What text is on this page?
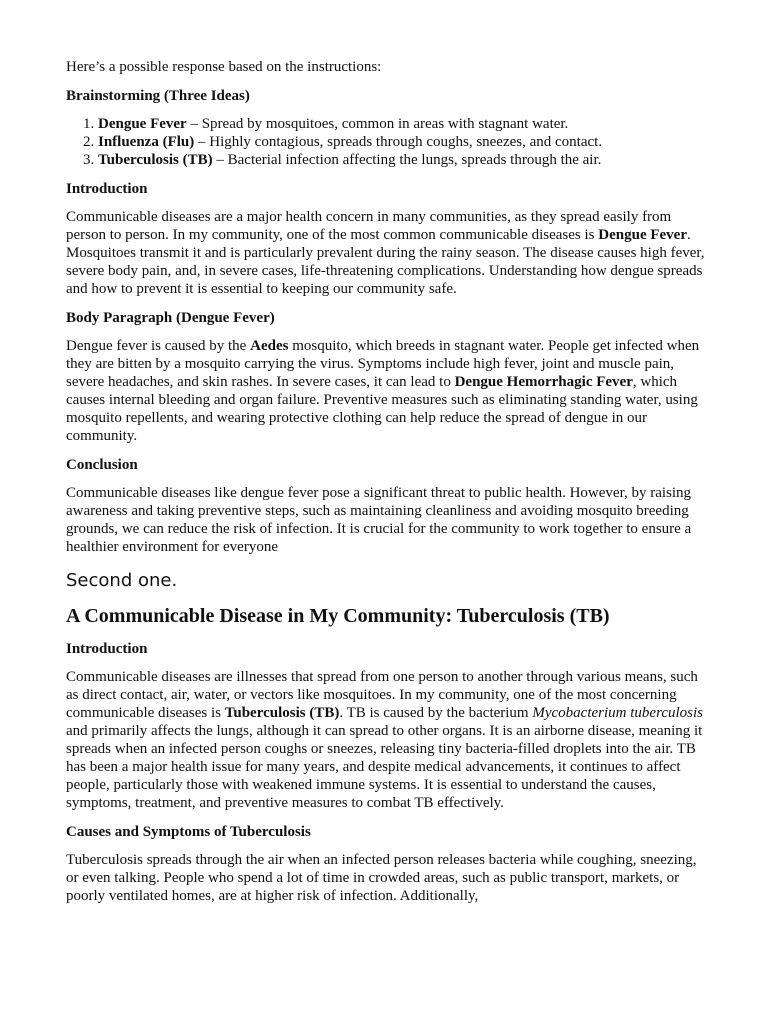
Here’s a possible response based on the instructions:

Brainstorming (Three Ideas)

1. Dengue Fever – Spread by mosquitoes, common in areas with stagnant water.
2. Influenza (Flu) – Highly contagious, spreads through coughs, sneezes, and contact.
3. Tuberculosis (TB) – Bacterial infection affecting the lungs, spreads through the air.

Introduction

Communicable diseases are a major health concern in many communities, as they spread easily from person to person. In my community, one of the most common communicable diseases is Dengue Fever. Mosquitoes transmit it and is particularly prevalent during the rainy season. The disease causes high fever, severe body pain, and, in severe cases, life-threatening complications. Understanding how dengue spreads and how to prevent it is essential to keeping our community safe.

Body Paragraph (Dengue Fever)

Dengue fever is caused by the Aedes mosquito, which breeds in stagnant water. People get infected when they are bitten by a mosquito carrying the virus. Symptoms include high fever, joint and muscle pain, severe headaches, and skin rashes. In severe cases, it can lead to Dengue Hemorrhagic Fever, which causes internal bleeding and organ failure. Preventive measures such as eliminating standing water, using mosquito repellents, and wearing protective clothing can help reduce the spread of dengue in our community.

Conclusion

Communicable diseases like dengue fever pose a significant threat to public health. However, by raising awareness and taking preventive steps, such as maintaining cleanliness and avoiding mosquito breeding grounds, we can reduce the risk of infection. It is crucial for the community to work together to ensure a healthier environment for everyone

Second one.

A Communicable Disease in My Community: Tuberculosis (TB)

Introduction

Communicable diseases are illnesses that spread from one person to another through various means, such as direct contact, air, water, or vectors like mosquitoes. In my community, one of the most concerning communicable diseases is Tuberculosis (TB). TB is caused by the bacterium Mycobacterium tuberculosis and primarily affects the lungs, although it can spread to other organs. It is an airborne disease, meaning it spreads when an infected person coughs or sneezes, releasing tiny bacteria-filled droplets into the air. TB has been a major health issue for many years, and despite medical advancements, it continues to affect people, particularly those with weakened immune systems. It is essential to understand the causes, symptoms, treatment, and preventive measures to combat TB effectively.

Causes and Symptoms of Tuberculosis

Tuberculosis spreads through the air when an infected person releases bacteria while coughing, sneezing, or even talking. People who spend a lot of time in crowded areas, such as public transport, markets, or poorly ventilated homes, are at higher risk of infection. Additionally,
